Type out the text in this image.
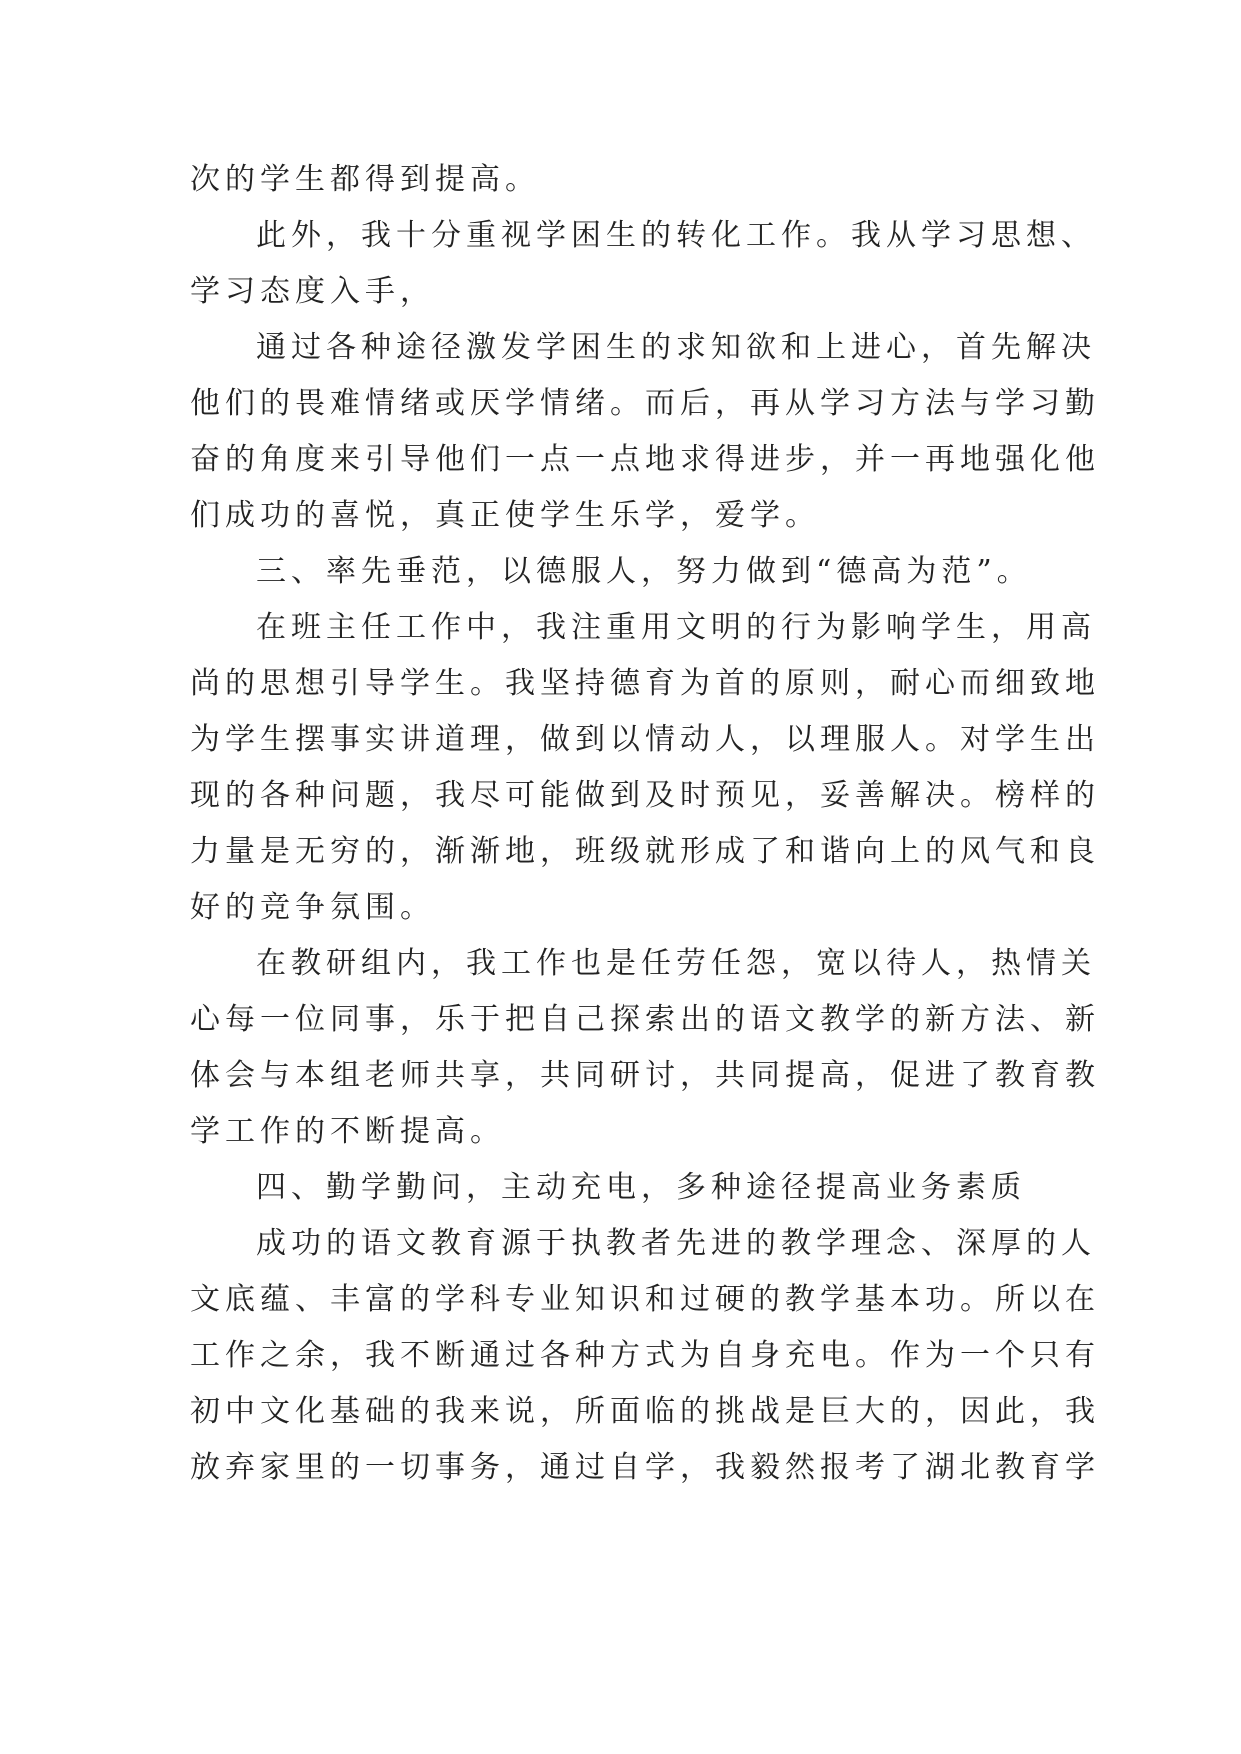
次的学生都得到提高。
此外，我十分重视学困生的转化工作。我从学习思想、
学习态度入手，
通过各种途径激发学困生的求知欲和上进心，首先解决
他们的畏难情绪或厌学情绪。而后，再从学习方法与学习勤
奋的角度来引导他们一点一点地求得进步，并一再地强化他
们成功的喜悦，真正使学生乐学，爱学。
三、率先垂范，以德服人，努力做到“德高为范”。
在班主任工作中，我注重用文明的行为影响学生，用高
尚的思想引导学生。我坚持德育为首的原则，耐心而细致地
为学生摆事实讲道理，做到以情动人，以理服人。对学生出
现的各种问题，我尽可能做到及时预见，妥善解决。榜样的
力量是无穷的，渐渐地，班级就形成了和谐向上的风气和良
好的竞争氛围。
在教研组内，我工作也是任劳任怨，宽以待人，热情关
心每一位同事，乐于把自己探索出的语文教学的新方法、新
体会与本组老师共享，共同研讨，共同提高，促进了教育教
学工作的不断提高。
四、勤学勤问，主动充电，多种途径提高业务素质
成功的语文教育源于执教者先进的教学理念、深厚的人
文底蕴、丰富的学科专业知识和过硬的教学基本功。所以在
工作之余，我不断通过各种方式为自身充电。作为一个只有
初中文化基础的我来说，所面临的挑战是巨大的，因此，我
放弃家里的一切事务，通过自学，我毅然报考了湖北教育学
